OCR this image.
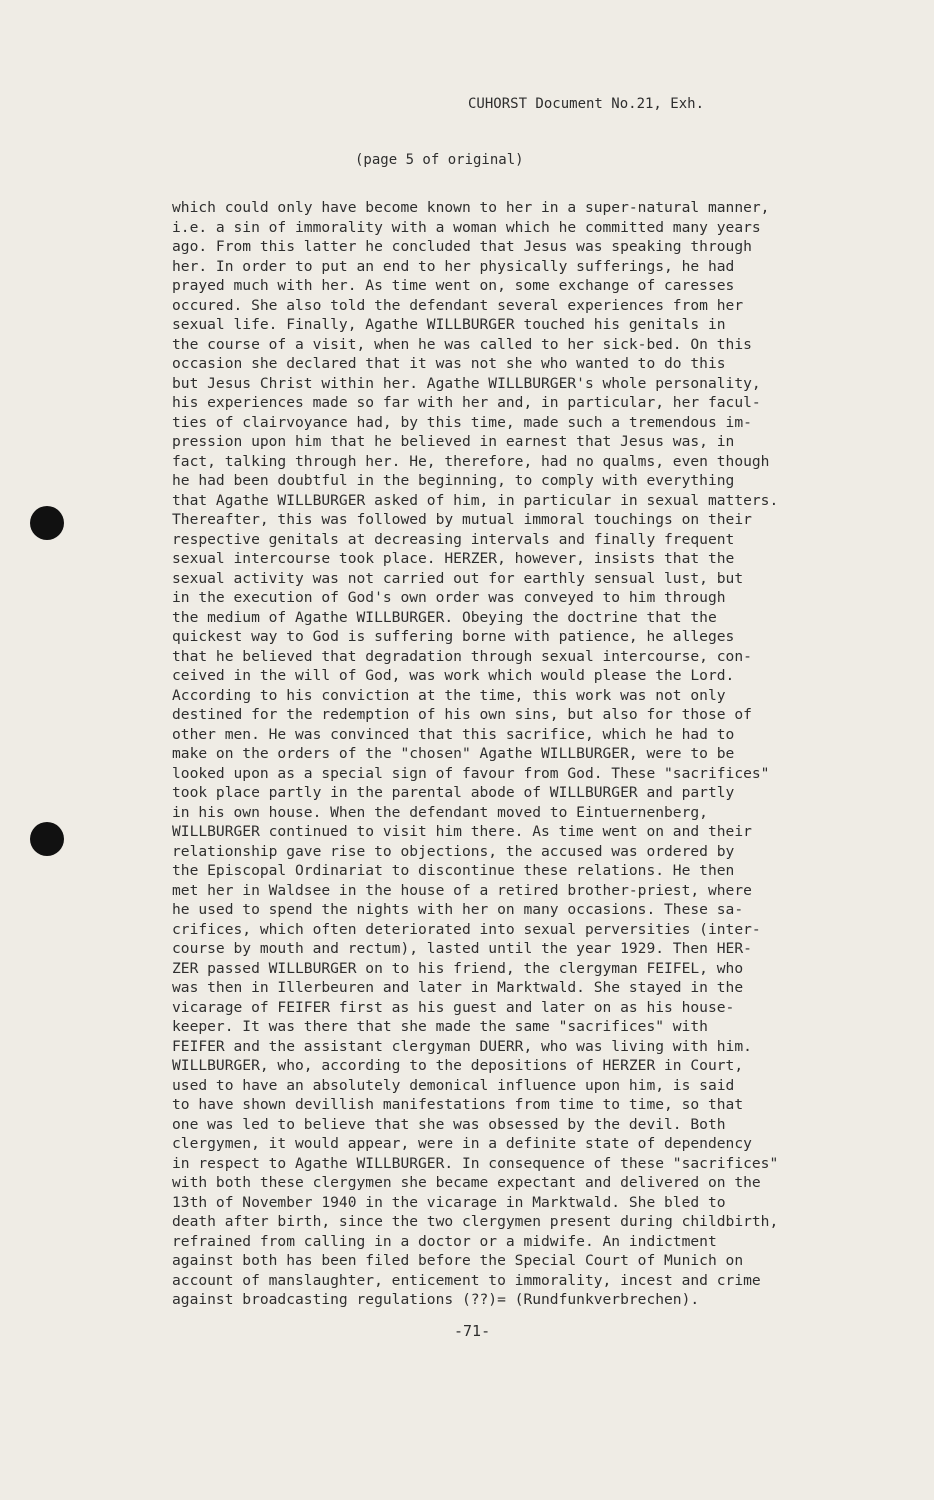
CUHORST Document No.21, Exh.
(page 5 of original)
which could only have become known to her in a super-natural manner,
i.e. a sin of immorality with a woman which he committed many years
ago. From this latter he concluded that Jesus was speaking through
her. In order to put an end to her physically sufferings, he had
prayed much with her. As time went on, some exchange of caresses
occured. She also told the defendant several experiences from her
sexual life. Finally, Agathe WILLBURGER touched his genitals in
the course of a visit, when he was called to her sick-bed. On this
occasion she declared that it was not she who wanted to do this
but Jesus Christ within her. Agathe WILLBURGER's whole personality,
his experiences made so far with her and, in particular, her facul-
ties of clairvoyance had, by this time, made such a tremendous im-
pression upon him that he believed in earnest that Jesus was, in
fact, talking through her. He, therefore, had no qualms, even though
he had been doubtful in the beginning, to comply with everything
that Agathe WILLBURGER asked of him, in particular in sexual matters.
Thereafter, this was followed by mutual immoral touchings on their
respective genitals at decreasing intervals and finally frequent
sexual intercourse took place. HERZER, however, insists that the
sexual activity was not carried out for earthly sensual lust, but
in the execution of God's own order was conveyed to him through
the medium of Agathe WILLBURGER. Obeying the doctrine that the
quickest way to God is suffering borne with patience, he alleges
that he believed that degradation through sexual intercourse, con-
ceived in the will of God, was work which would please the Lord.
According to his conviction at the time, this work was not only
destined for the redemption of his own sins, but also for those of
other men. He was convinced that this sacrifice, which he had to
make on the orders of the "chosen" Agathe WILLBURGER, were to be
looked upon as a special sign of favour from God. These "sacrifices"
took place partly in the parental abode of WILLBURGER and partly
in his own house. When the defendant moved to Eintuernenberg,
WILLBURGER continued to visit him there. As time went on and their
relationship gave rise to objections, the accused was ordered by
the Episcopal Ordinariat to discontinue these relations. He then
met her in Waldsee in the house of a retired brother-priest, where
he used to spend the nights with her on many occasions. These sa-
crifices, which often deteriorated into sexual perversities (inter-
course by mouth and rectum), lasted until the year 1929. Then HER-
ZER passed WILLBURGER on to his friend, the clergyman FEIFEL, who
was then in Illerbeuren and later in Marktwald. She stayed in the
vicarage of FEIFER first as his guest and later on as his house-
keeper. It was there that she made the same "sacrifices" with
FEIFER and the assistant clergyman DUERR, who was living with him.
WILLBURGER, who, according to the depositions of HERZER in Court,
used to have an absolutely demonical influence upon him, is said
to have shown devillish manifestations from time to time, so that
one was led to believe that she was obsessed by the devil. Both
clergymen, it would appear, were in a definite state of dependency
in respect to Agathe WILLBURGER. In consequence of these "sacrifices"
with both these clergymen she became expectant and delivered on the
13th of November 1940 in the vicarage in Marktwald. She bled to
death after birth, since the two clergymen present during childbirth,
refrained from calling in a doctor or a midwife. An indictment
against both has been filed before the Special Court of Munich on
account of manslaughter, enticement to immorality, incest and crime
against broadcasting regulations (??)= (Rundfunkverbrechen).
-71-
